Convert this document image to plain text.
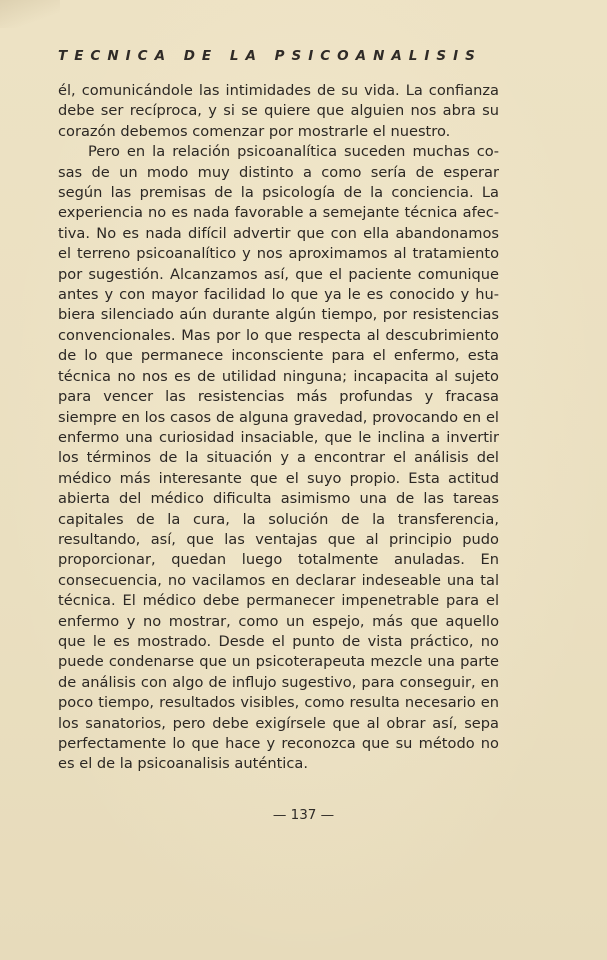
TECNICA DE LA PSICOANALISIS

él, comunicándole las intimidades de su vida. La confianza debe ser recíproca, y si se quiere que alguien nos abra su corazón debemos comenzar por mostrarle el nuestro.

Pero en la relación psicoanalítica suceden muchas cosas de un modo muy distinto a como sería de esperar según las premisas de la psicología de la conciencia. La experiencia no es nada favorable a semejante técnica afectiva. No es nada difícil advertir que con ella abandonamos el terreno psicoanalítico y nos aproximamos al tratamiento por sugestión. Alcanzamos así, que el paciente comunique antes y con mayor facilidad lo que ya le es conocido y hubiera silenciado aún durante algún tiempo, por resistencias convencionales. Mas por lo que respecta al descubrimiento de lo que permanece inconsciente para el enfermo, esta técnica no nos es de utilidad ninguna; incapacita al sujeto para vencer las resistencias más profundas y fracasa siempre en los casos de alguna gravedad, provocando en el enfermo una curiosidad insaciable, que le inclina a invertir los términos de la situación y a encontrar el análisis del médico más interesante que el suyo propio. Esta actitud abierta del médico dificulta asimismo una de las tareas capitales de la cura, la solución de la transferencia, resultando, así, que las ventajas que al principio pudo proporcionar, quedan luego totalmente anuladas. En consecuencia, no vacilamos en declarar indeseable una tal técnica. El médico debe permanecer impenetrable para el enfermo y no mostrar, como un espejo, más que aquello que le es mostrado. Desde el punto de vista práctico, no puede condenarse que un psicoterapeuta mezcle una parte de análisis con algo de influjo sugestivo, para conseguir, en poco tiempo, resultados visibles, como resulta necesario en los sanatorios, pero debe exigírsele que al obrar así, sepa perfectamente lo que hace y reconozca que su método no es el de la psicoanalisis auténtica.

— 137 —
